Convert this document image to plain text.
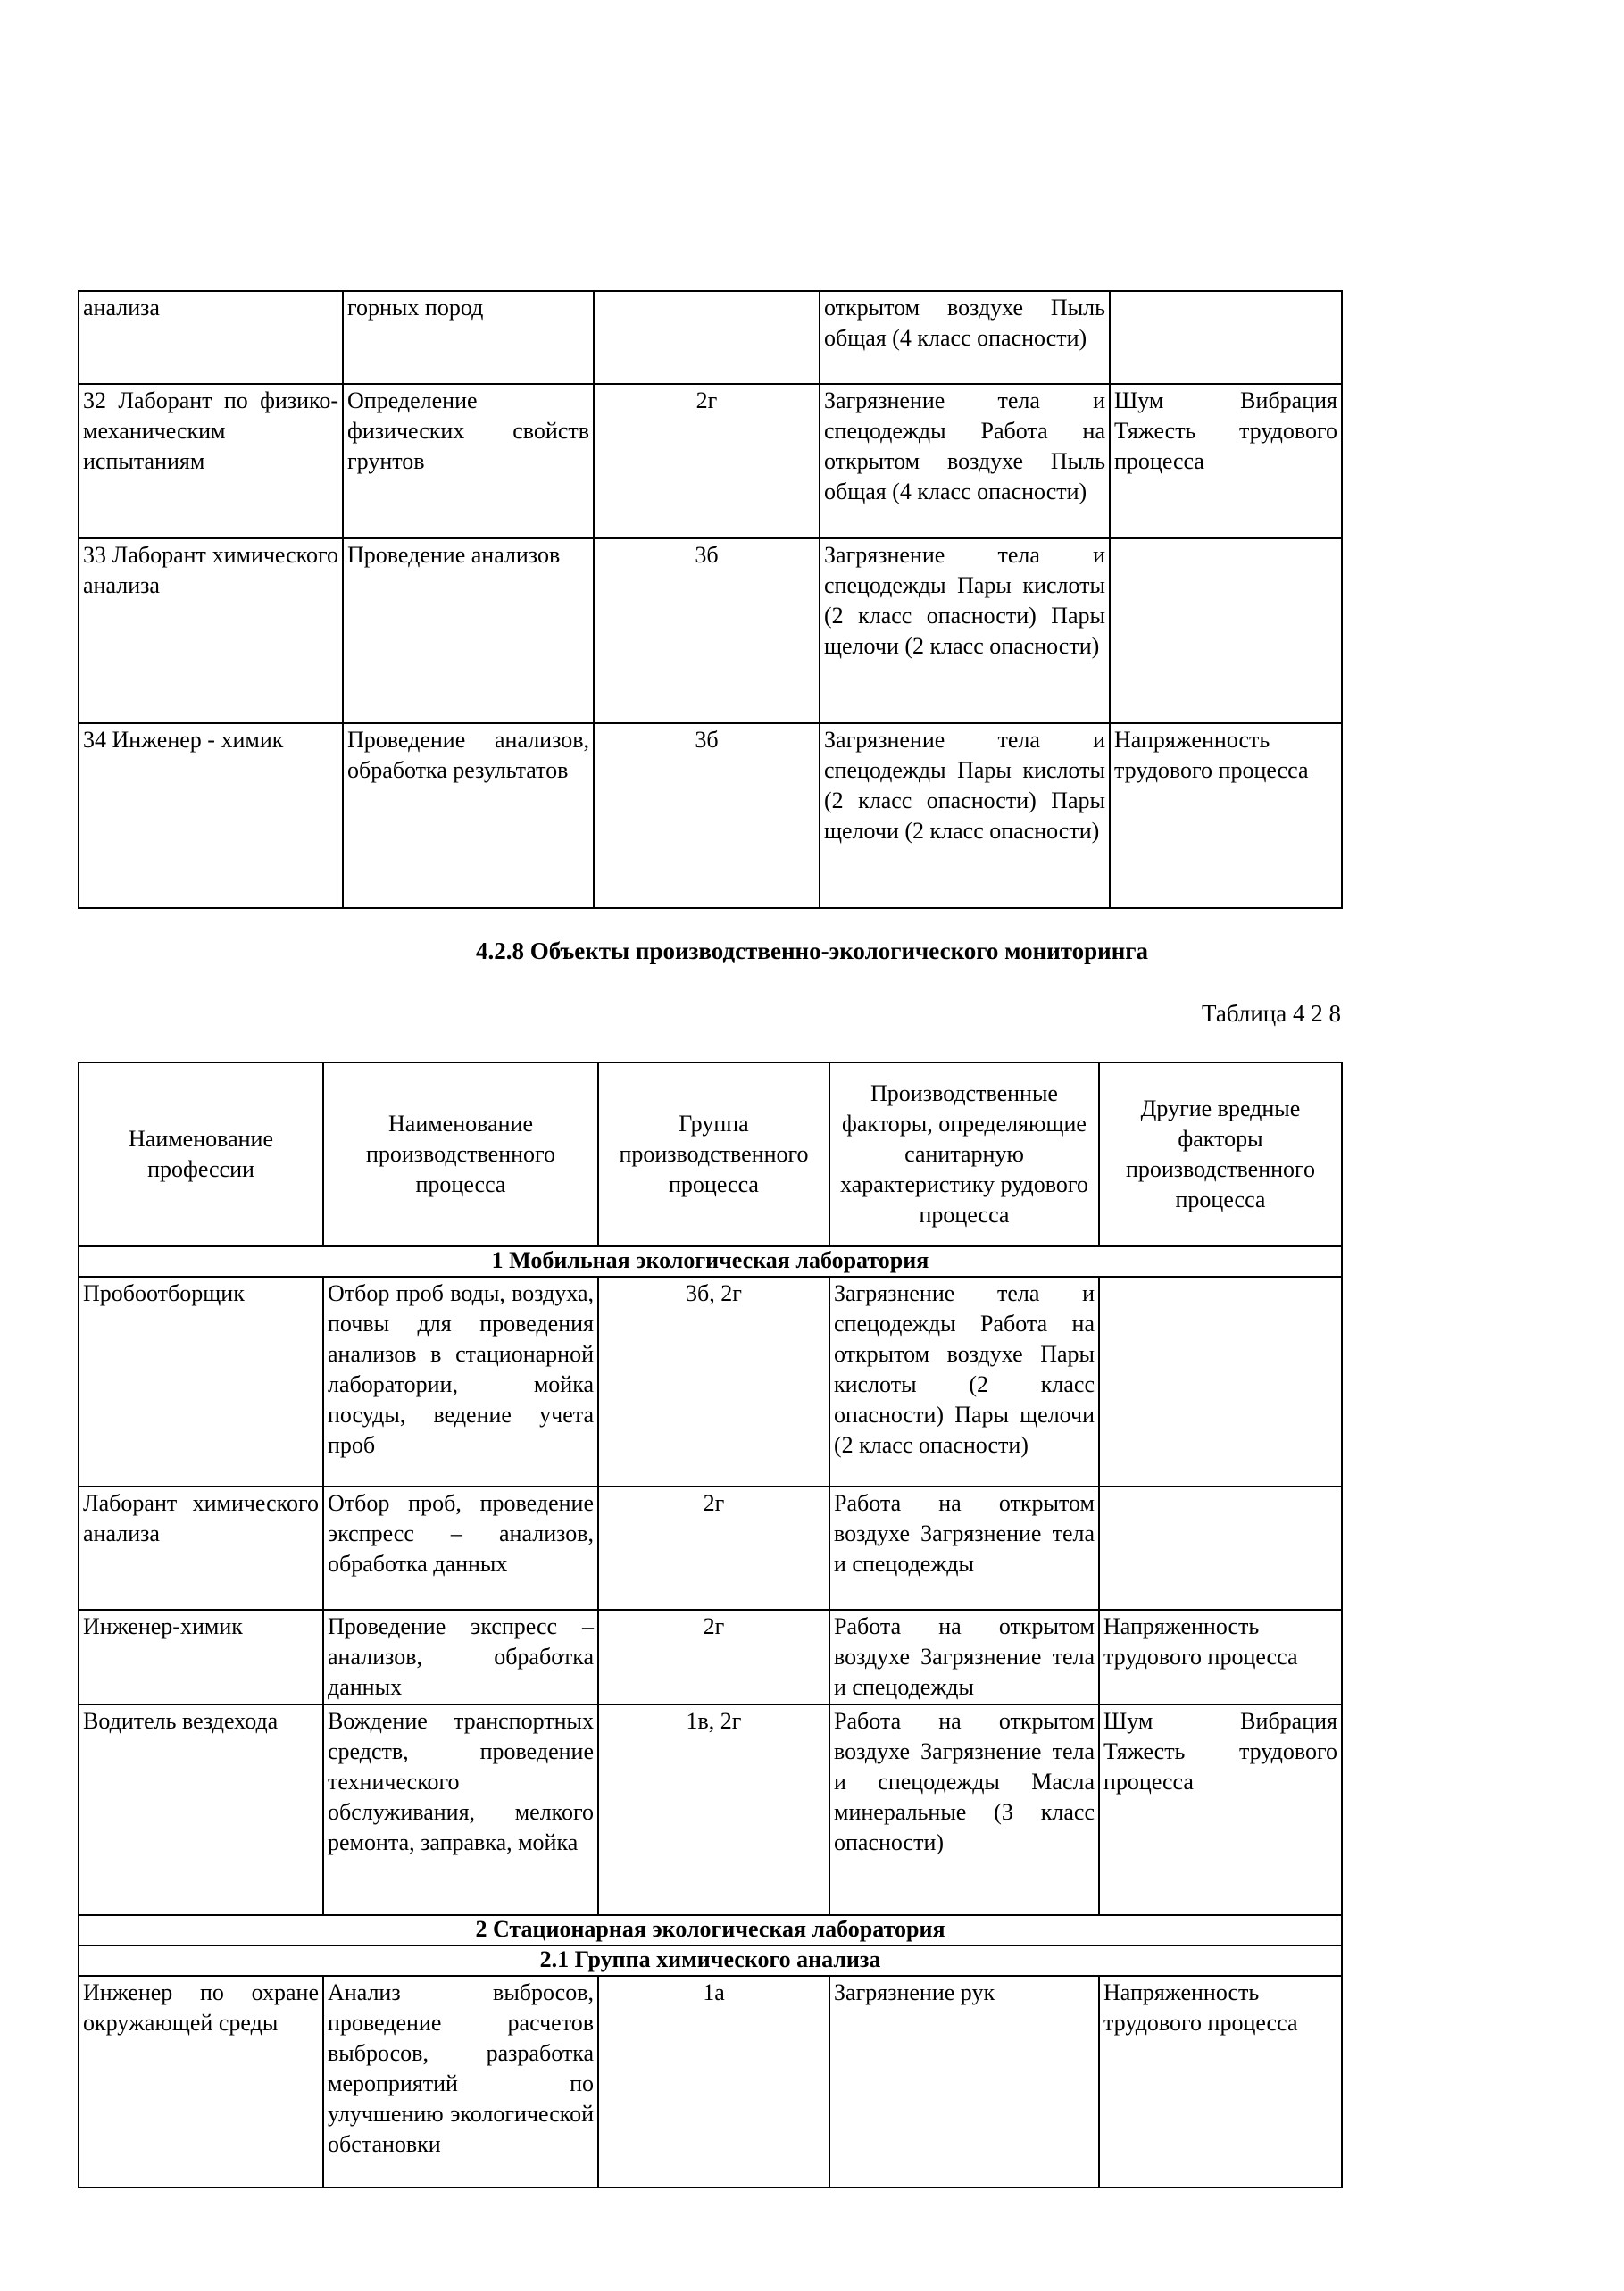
анализа	горных пород		открытом воздухе Пыль общая (4 класс опасности)	
32 Лаборант по физико-механическим испытаниям	Определение физических свойств грунтов	2г	Загрязнение тела и спецодежды Работа на открытом воздухе Пыль общая (4 класс опасности)	Шум Вибрация Тяжесть трудового процесса
33 Лаборант химического анализа	Проведение анализов	3б	Загрязнение тела и спецодежды Пары кислоты (2 класс опасности) Пары щелочи (2 класс опасности)	
34 Инженер - химик	Проведение анализов, обработка результатов	3б	Загрязнение тела и спецодежды Пары кислоты (2 класс опасности) Пары щелочи (2 класс опасности)	Напряженность трудового процесса
4.2.8 Объекты производственно-экологического мониторинга
Таблица 4 2 8
Наименование профессии	Наименование производственного процесса	Группа производственного процесса	Производственные факторы, определяющие санитарную характеристику рудового процесса	Другие вредные факторы производственного процесса
1 Мобильная экологическая лаборатория				
Пробоотборщик	Отбор проб воды, воздуха, почвы для проведения анализов в стационарной лаборатории, мойка посуды, ведение учета проб	3б, 2г	Загрязнение тела и спецодежды Работа на открытом воздухе Пары кислоты (2 класс опасности) Пары щелочи (2 класс опасности)	
Лаборант химического анализа	Отбор проб, проведение экспресс – анализов, обработка данных	2г	Работа на открытом воздухе Загрязнение тела и спецодежды	
Инженер-химик	Проведение экспресс – анализов, обработка данных	2г	Работа на открытом воздухе Загрязнение тела и спецодежды	Напряженность трудового процесса
Водитель вездехода	Вождение транспортных средств, проведение технического обслуживания, мелкого ремонта, заправка, мойка	1в, 2г	Работа на открытом воздухе Загрязнение тела и спецодежды Масла минеральные (3 класс опасности)	Шум Вибрация Тяжесть трудового процесса
2 Стационарная экологическая лаборатория				
2.1 Группа химического анализа				
Инженер по охране окружающей среды	Анализ выбросов, проведение расчетов выбросов, разработка мероприятий по улучшению экологической обстановки	1а	Загрязнение рук	Напряженность трудового процесса
